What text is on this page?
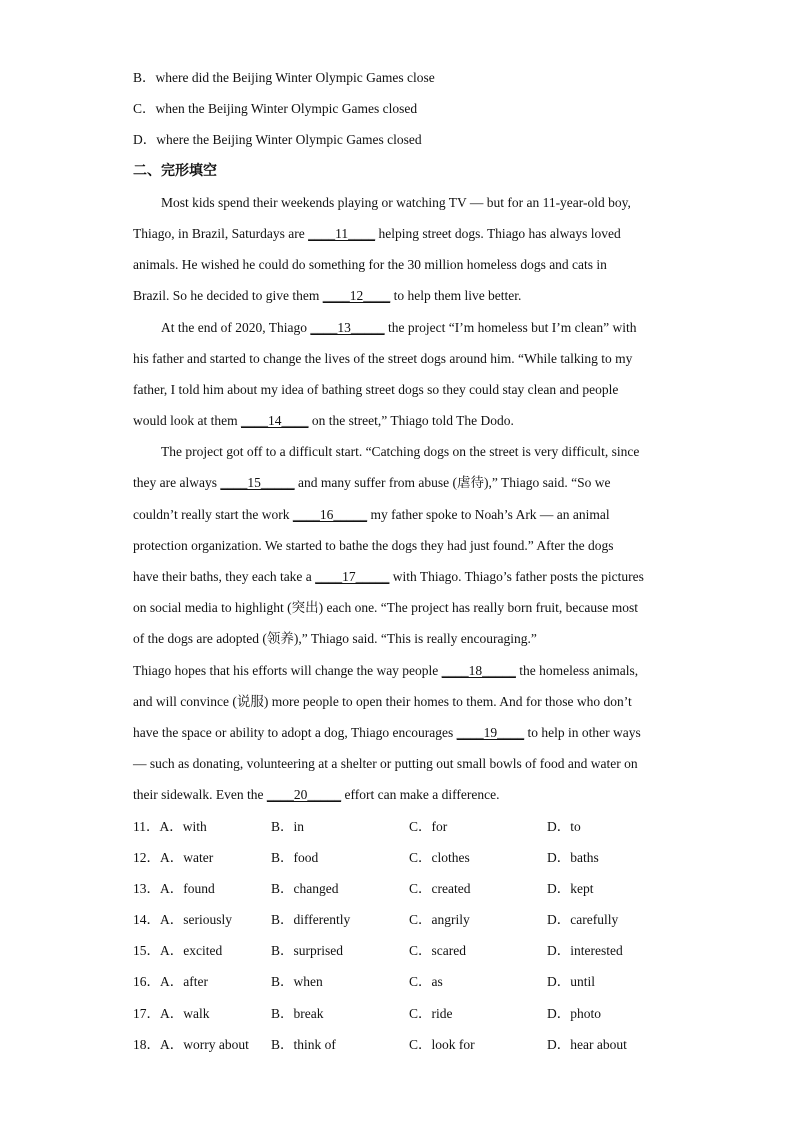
B．where did the Beijing Winter Olympic Games close
C．when the Beijing Winter Olympic Games closed
D．where the Beijing Winter Olympic Games closed
二、完形填空
Most kids spend their weekends playing or watching TV — but for an 11-year-old boy,
Thiago, in Brazil, Saturdays are ____11____ helping street dogs. Thiago has always loved
animals. He wished he could do something for the 30 million homeless dogs and cats in
Brazil. So he decided to give them ____12____ to help them live better.
At the end of 2020, Thiago ____13_____ the project “I’m homeless but I’m clean” with
his father and started to change the lives of the street dogs around him. “While talking to my
father, I told him about my idea of bathing street dogs so they could stay clean and people
would look at them ____14____ on the street,” Thiago told The Dodo.
The project got off to a difficult start. “Catching dogs on the street is very difficult, since
they are always ____15_____ and many suffer from abuse (虐待),” Thiago said. “So we
couldn’t really start the work ____16_____ my father spoke to Noah’s Ark — an animal
protection organization. We started to bathe the dogs they had just found.” After the dogs
have their baths, they each take a ____17_____ with Thiago. Thiago’s father posts the pictures
on social media to highlight (突出) each one. “The project has really born fruit, because most
of the dogs are adopted (领养),” Thiago said. “This is really encouraging.”
Thiago hopes that his efforts will change the way people ____18_____ the homeless animals,
and will convince (说服) more people to open their homes to them. And for those who don’t
have the space or ability to adopt a dog, Thiago encourages ____19____ to help in other ways
— such as donating, volunteering at a shelter or putting out small bowls of food and water on
their sidewalk. Even the ____20_____ effort can make a difference.
11．A．with	B．in	C．for	D．to
12．A．water	B．food	C．clothes	D．baths
13．A．found	B．changed	C．created	D．kept
14．A．seriously	B．differently	C．angrily	D．carefully
15．A．excited	B．surprised	C．scared	D．interested
16．A．after	B．when	C．as	D．until
17．A．walk	B．break	C．ride	D．photo
18．A．worry about B．think of	C．look for	D．hear about
